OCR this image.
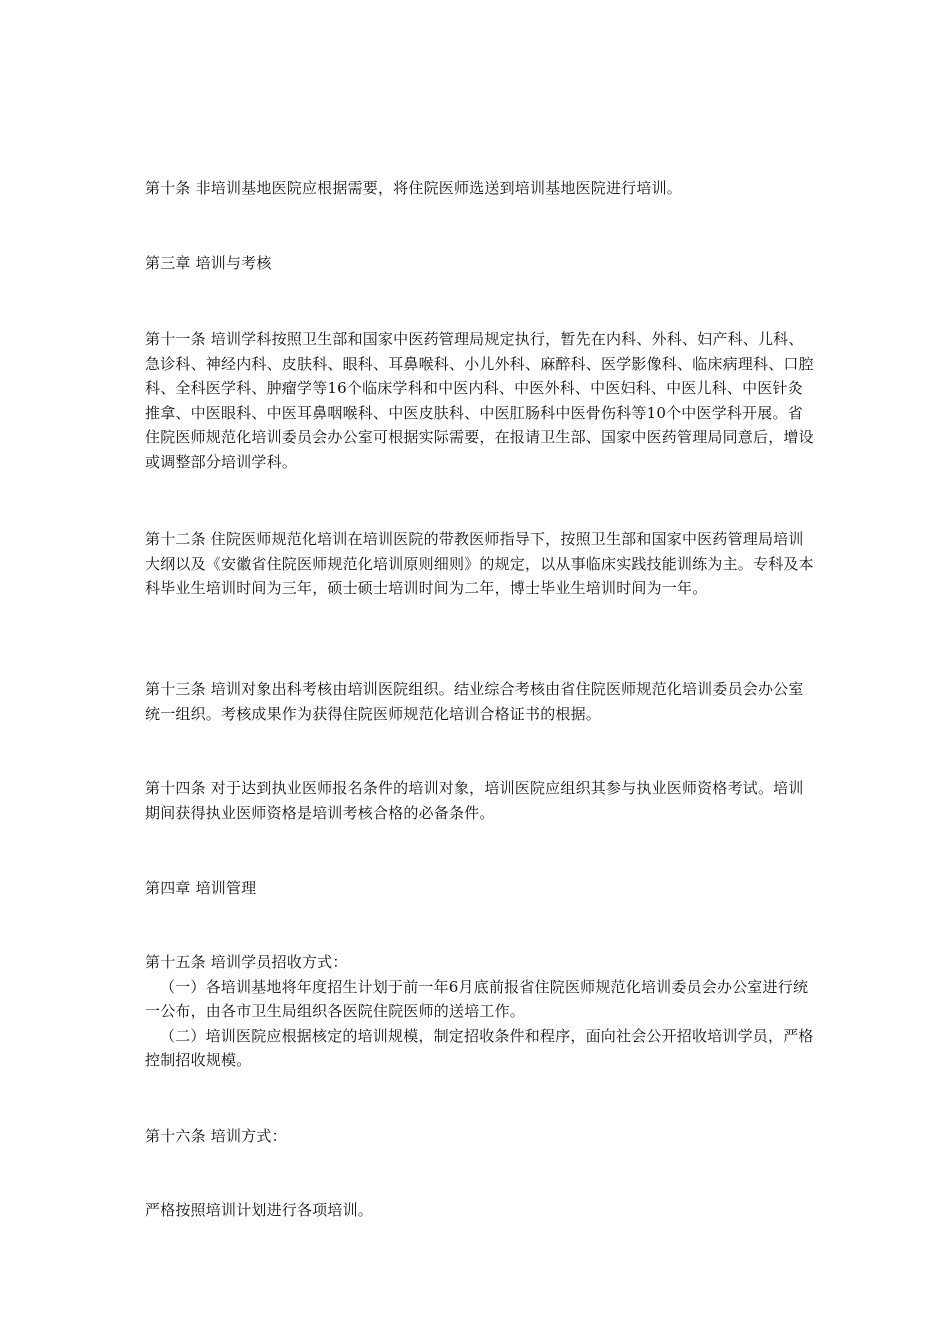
第十条 非培训基地医院应根据需要，将住院医师选送到培训基地医院进行培训。

第三章 培训与考核

第十一条 培训学科按照卫生部和国家中医药管理局规定执行，暂先在内科、外科、妇产科、儿科、急诊科、神经内科、皮肤科、眼科、耳鼻喉科、小儿外科、麻醉科、医学影像科、临床病理科、口腔科、全科医学科、肿瘤学等16个临床学科和中医内科、中医外科、中医妇科、中医儿科、中医针灸推拿、中医眼科、中医耳鼻咽喉科、中医皮肤科、中医肛肠科中医骨伤科等10个中医学科开展。省住院医师规范化培训委员会办公室可根据实际需要，在报请卫生部、国家中医药管理局同意后，增设或调整部分培训学科。

第十二条 住院医师规范化培训在培训医院的带教医师指导下，按照卫生部和国家中医药管理局培训大纲以及《安徽省住院医师规范化培训原则细则》的规定，以从事临床实践技能训练为主。专科及本科毕业生培训时间为三年，硕士硕士培训时间为二年，博士毕业生培训时间为一年。

第十三条 培训对象出科考核由培训医院组织。结业综合考核由省住院医师规范化培训委员会办公室统一组织。考核成果作为获得住院医师规范化培训合格证书的根据。

第十四条 对于达到执业医师报名条件的培训对象，培训医院应组织其参与执业医师资格考试。培训期间获得执业医师资格是培训考核合格的必备条件。

第四章 培训管理

第十五条 培训学员招收方式：

（一）各培训基地将年度招生计划于前一年6月底前报省住院医师规范化培训委员会办公室进行统一公布，由各市卫生局组织各医院住院医师的送培工作。

（二）培训医院应根据核定的培训规模，制定招收条件和程序，面向社会公开招收培训学员，严格控制招收规模。

第十六条 培训方式：

严格按照培训计划进行各项培训。
